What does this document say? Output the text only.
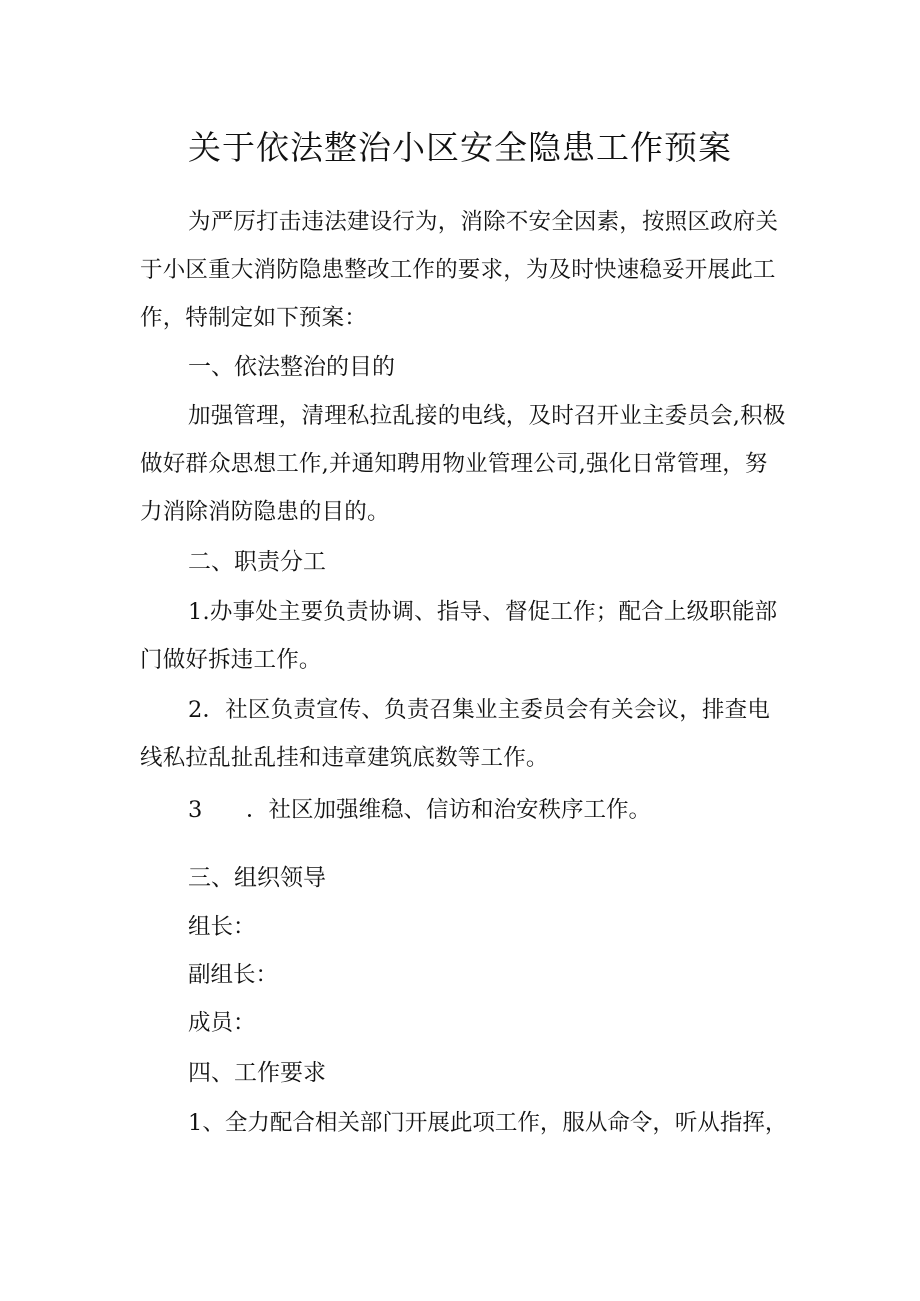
关于依法整治小区安全隐患工作预案

为严厉打击违法建设行为，消除不安全因素，按照区政府关于小区重大消防隐患整改工作的要求，为及时快速稳妥开展此工作，特制定如下预案：

一、依法整治的目的

加强管理，清理私拉乱接的电线，及时召开业主委员会,积极做好群众思想工作,并通知聘用物业管理公司,强化日常管理，努力消除消防隐患的目的。

二、职责分工

1.办事处主要负责协调、指导、督促工作；配合上级职能部门做好拆违工作。

2．社区负责宣传、负责召集业主委员会有关会议，排查电线私拉乱扯乱挂和违章建筑底数等工作。

3 ．社区加强维稳、信访和治安秩序工作。
三、组织领导
组长：
副组长：
成员：
四、工作要求
1、全力配合相关部门开展此项工作，服从命令，听从指挥，
